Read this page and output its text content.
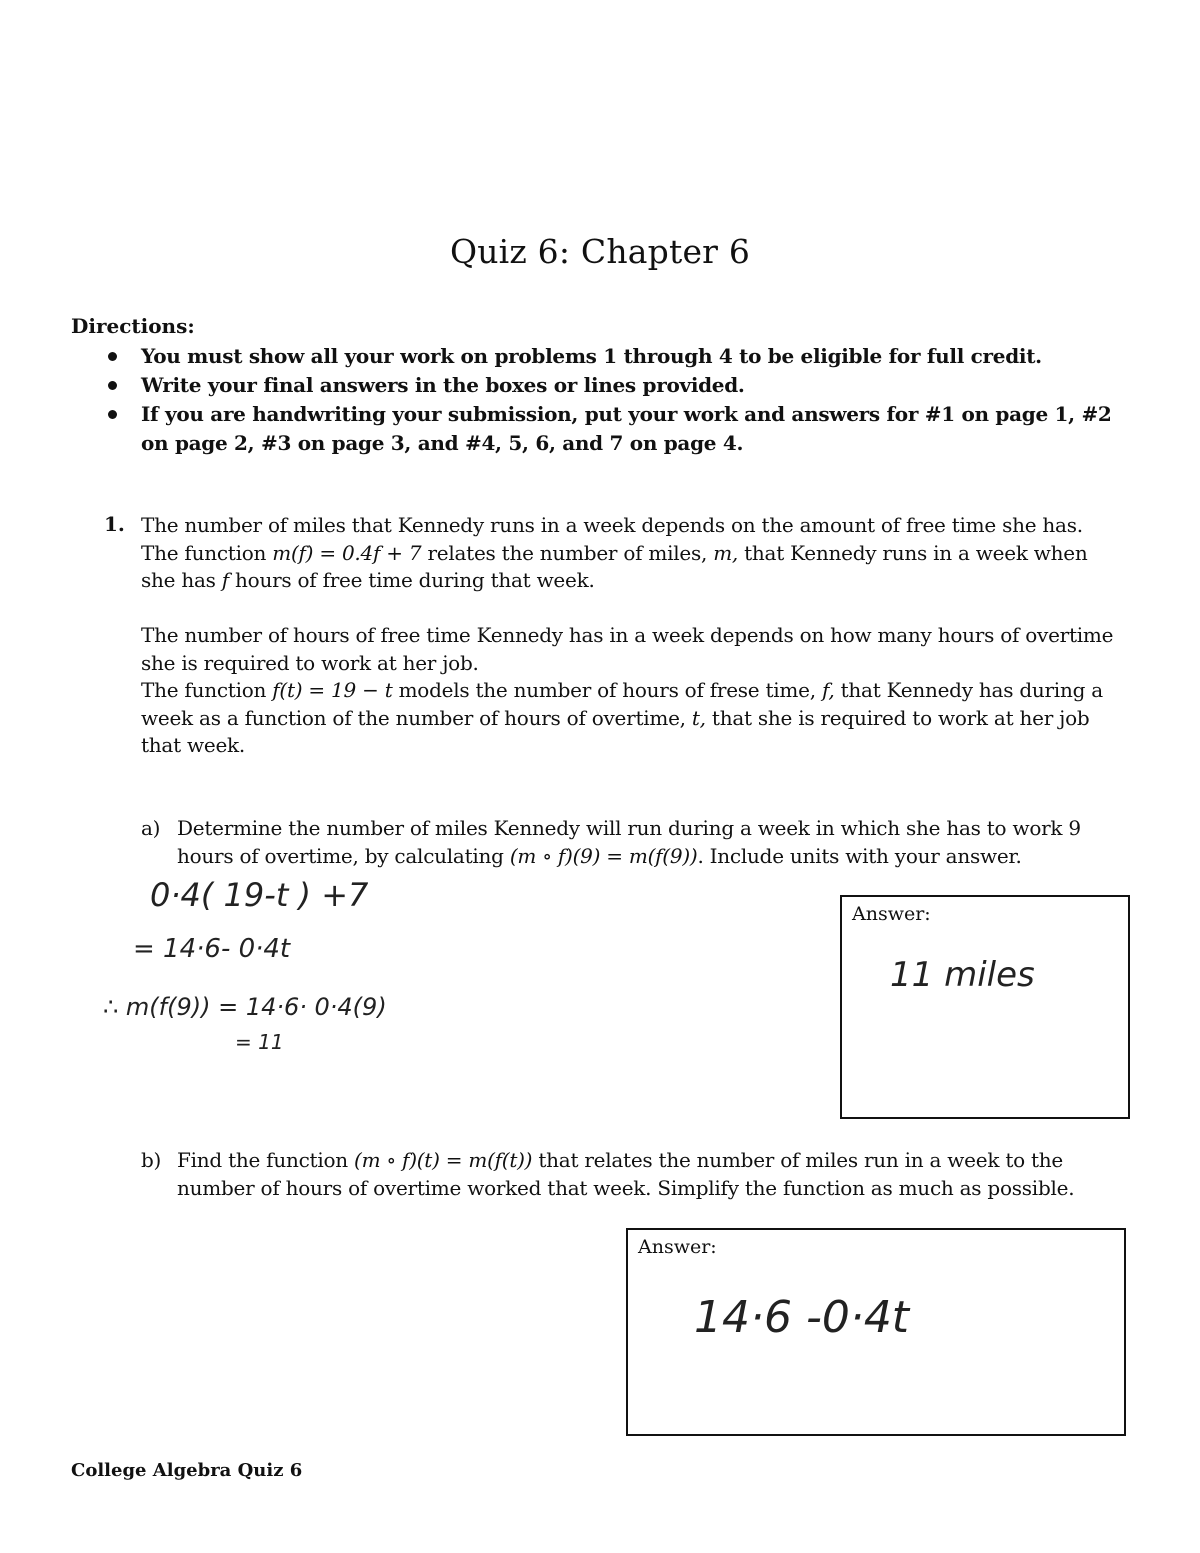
Quiz 6: Chapter 6
Directions:
You must show all your work on problems 1 through 4 to be eligible for full credit.
Write your final answers in the boxes or lines provided.
If you are handwriting your submission, put your work and answers for #1 on page 1, #2 on page 2, #3 on page 3, and #4, 5, 6, and 7 on page 4.
1. The number of miles that Kennedy runs in a week depends on the amount of free time she has.
The function m(f) = 0.4f + 7 relates the number of miles, m, that Kennedy runs in a week when
she has f hours of free time during that week.
The number of hours of free time Kennedy has in a week depends on how many hours of overtime
she is required to work at her job.
The function f(t) = 19 − t models the number of hours of frese time, f, that Kennedy has during a
week as a function of the number of hours of overtime, t, that she is required to work at her job
that week.
a) Determine the number of miles Kennedy will run during a week in which she has to work 9
hours of overtime, by calculating (m ∘ f)(9) = m(f(9)). Include units with your answer.
0·4( 19-t ) +7
= 14·6- 0·4t
∴ m(f(9)) = 14·6· 0·4(9)
= 11
Answer:
11 miles
b) Find the function (m ∘ f)(t) = m(f(t)) that relates the number of miles run in a week to the
number of hours of overtime worked that week. Simplify the function as much as possible.
Answer:
14·6 -0·4t
College Algebra Quiz 6
